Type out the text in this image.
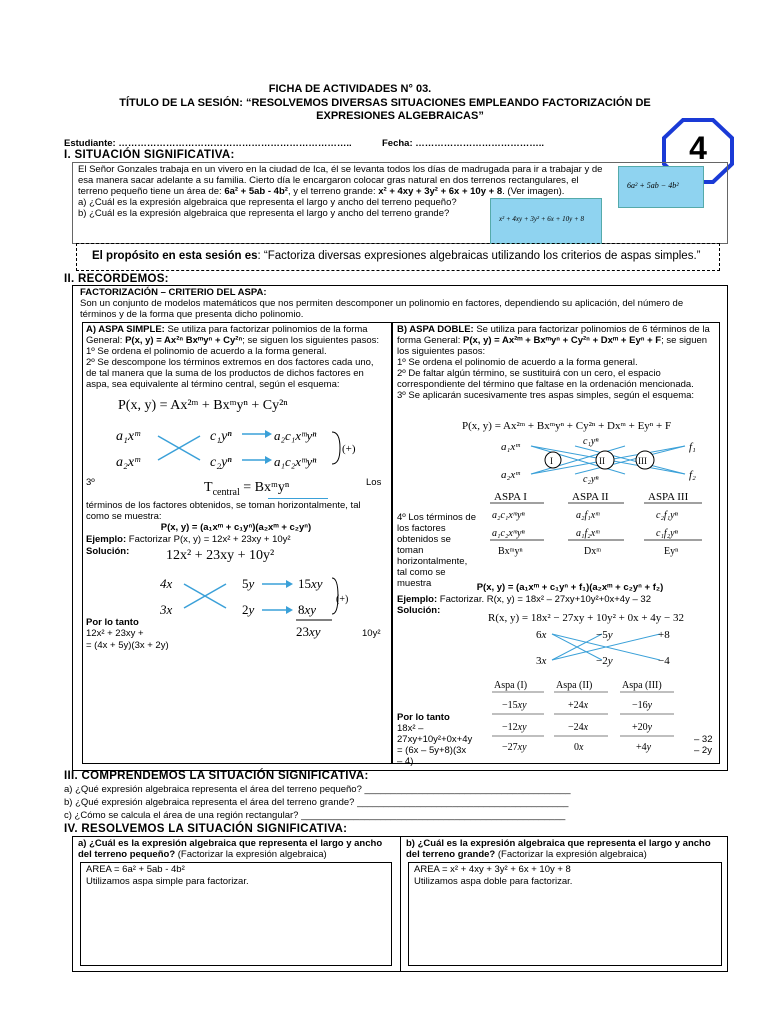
FICHA DE ACTIVIDADES N° 03.
TÍTULO DE LA SESIÓN: “RESOLVEMOS DIVERSAS SITUACIONES EMPLEANDO FACTORIZACIÓN DE
EXPRESIONES ALGEBRAICAS”
4
Estudiante: ………………………………………………………………..	Fecha: …………………………………..
I. SITUACIÓN SIGNIFICATIVA:
El Señor Gonzales trabaja en un vivero en la ciudad de Ica, él se levanta todos los días de madrugada para ir a trabajar y de esa manera sacar adelante a su familia. Cierto día le encargaron colocar gras natural en dos terrenos rectangulares, el terreno pequeño tiene un área de: 6a² + 5ab - 4b², y el terreno grande: x² + 4xy + 3y² + 6x + 10y + 8. (Ver imagen).
a) ¿Cuál es la expresión algebraica que representa el largo y ancho del terreno pequeño?
b) ¿Cuál es la expresión algebraica que representa el largo y ancho del terreno grande?
6a² + 5ab − 4b²
x² + 4xy + 3y² + 6x + 10y + 8
El propósito en esta sesión es: “Factoriza diversas expresiones algebraicas utilizando los criterios de aspas simples.”
II. RECORDEMOS:
FACTORIZACIÓN – CRITERIO DEL ASPA:
Son un conjunto de modelos matemáticos que nos permiten descomponer un polinomio en factores, dependiendo su aplicación, del número de términos y de la forma que presenta dicho polinomio.
A) ASPA SIMPLE: Se utiliza para factorizar polinomios de la forma General: P(x, y) = Ax²ⁿ Bxᵐyⁿ + Cy²ⁿ; se siguen los siguientes pasos:
1º Se ordena el polinomio de acuerdo a la forma general.
2º Se descompone los términos extremos en dos factores cada uno, de tal manera que la suma de los productos de dichos factores en aspa, sea equivalente al término central, según el esquema:
P(x, y) = Ax²ᵐ + Bxᵐyⁿ + Cy²ⁿ
a₁xᵐ
a₂xᵐ
c₁yⁿ
c₂yⁿ
a₂c₁xᵐyⁿ
a₁c₂xᵐyⁿ
(+)
3º	$T_{central}$ = Bxᵐyⁿ	Los
términos de los factores obtenidos, se toman horizontalmente, tal como se muestra:
P(x, y) = (a₁xᵐ + c₁yⁿ)(a₂xᵐ + c₂yⁿ)
Ejemplo: Factorizar P(x, y) = 12x² + 23xy + 10y²
Solución:	12x² + 23xy + 10y²
4x
3x
5y
2y
15xy
8xy
(+)
23xy
Por lo tanto
12x² + 23xy +	10y²
= (4x + 5y)(3x + 2y)
B) ASPA DOBLE: Se utiliza para factorizar polinomios de 6 términos de la forma General: P(x, y) = Ax²ᵐ + Bxᵐyⁿ + Cy²ⁿ + Dxᵐ + Eyⁿ + F; se siguen los siguientes pasos:
1º Se ordena el polinomio de acuerdo a la forma general.
2º De faltar algún término, se sustituirá con un cero, el espacio correspondiente del término que faltase en la ordenación mencionada.
3º Se aplicarán sucesivamente tres aspas simples, según el esquema:
P(x, y) = Ax²ᵐ + Bxᵐyⁿ + Cy²ⁿ + Dxᵐ + Eyⁿ + F
a₁xᵐ
a₂xᵐ
c₁yⁿ
c₂yⁿ
I	II	III
f₁
f₂
ASPA I	ASPA II	ASPA III
a₂c₁xᵐyⁿ	a₂f₁xᵐ	c₂f₁yⁿ
a₁c₂xᵐyⁿ	a₁f₂xᵐ	c₁f₂yⁿ
Bxᵐyⁿ	Dxᵐ	Eyⁿ
4º Los términos de los factores obtenidos se toman horizontalmente, tal como se muestra	P(x, y) = (a₁xᵐ + c₁yⁿ + f₁)(a₂xᵐ + c₂yⁿ + f₂)
Ejemplo: Factorizar. R(x, y) = 18x² – 27xy+10y²+0x+4y – 32
Solución:
R(x, y) = 18x² − 27xy + 10y² + 0x + 4y − 32
6x
3x
−5y
−2y
+8
−4
Aspa (I)	Aspa (II)	Aspa (III)
−15xy	+24x	−16y
−12xy	−24x	+20y
−27xy	0x	+4y
Por lo tanto
18x² –
27xy+10y²+0x+4y	– 32
= (6x – 5y+8)(3x	– 2y
– 4)
III. COMPRENDEMOS LA SITUACIÓN SIGNIFICATIVA:
a) ¿Qué expresión algebraica representa el área del terreno pequeño? _______________________________________
b) ¿Qué expresión algebraica representa el área del terreno grande? ________________________________________
c) ¿Cómo se calcula el área de una región rectangular? __________________________________________________
IV. RESOLVEMOS LA SITUACIÓN SIGNIFICATIVA:
a) ¿Cuál es la expresión algebraica que representa el largo y ancho del terreno pequeño? (Factorizar la expresión algebraica)
AREA = 6a² + 5ab - 4b²
Utilizamos aspa simple para factorizar.
b) ¿Cuál es la expresión algebraica que representa el largo y ancho del terreno grande? (Factorizar la expresión algebraica)
AREA = x² + 4xy + 3y² + 6x + 10y + 8
Utilizamos aspa doble para factorizar.
